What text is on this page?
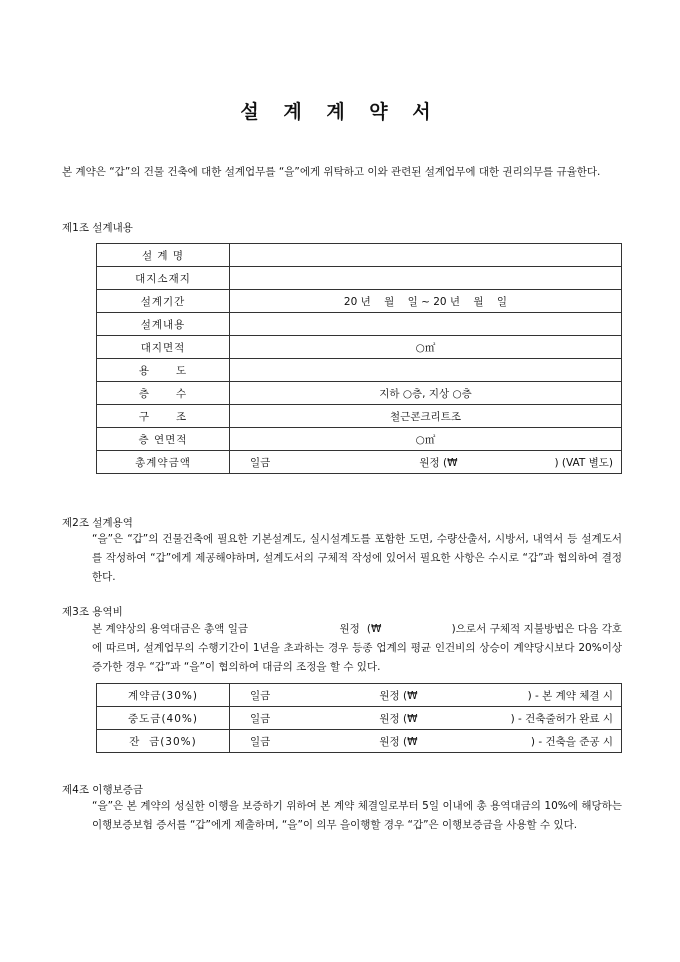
설 계 계 약 서
본 계약은 “갑”의 건물 건축에 대한 설계업무를 “을”에게 위탁하고 이와 관련된 설계업무에 대한 권리의무를 규율한다.
제1조 설계내용
설 계 명			
대지소재지			
설계기간	20 년    월    일 ~ 20 년    월    일		
설계내용			
대지면적	○㎡		
용      도			
층      수	지하 ○층, 지상 ○층		
구      조	철근콘크리트조		
층 연면적	○㎡		
총계약금액	일금	원정 (₩	) (VAT 별도)
제2조 설계용역
“을”은 “갑”의 건물건축에 필요한 기본설계도, 실시설계도를 포함한 도면, 수량산출서, 시방서, 내역서 등 설계도서를 작성하여 “갑”에게 제공해야하며, 설계도서의 구체적 작성에 있어서 필요한 사항은 수시로 “갑”과 협의하여 결정한다.
제3조 용역비
본 계약상의 용역대금은 총액 일금                          원정  (₩                    )으로서 구체적 지불방법은 다음 각호에 따르며, 설계업무의 수행기간이 1년을 초과하는 경우 등종 업계의 평균 인건비의 상승이 계약당시보다 20%이상 증가한 경우 “갑”과 “을”이 협의하여 대금의 조정을 할 수 있다.
계약금(30%)	일금	원정 (₩	) - 본 계약 체결 시
중도금(40%)	일금	원정 (₩	) - 건축줄허가 완료 시
잔  금(30%)	일금	원정 (₩	) - 건축을 준공 시
제4조 이행보증금
“을”은 본 계약의 성실한 이행을 보증하기 위하여 본 계약 체결일로부터 5일 이내에 총 용역대금의 10%에 해당하는 이행보증보험 증서를 “갑”에게 제출하며, “을”이 의무 을이행할 경우 “갑”은 이행보증금을 사용할 수 있다.
